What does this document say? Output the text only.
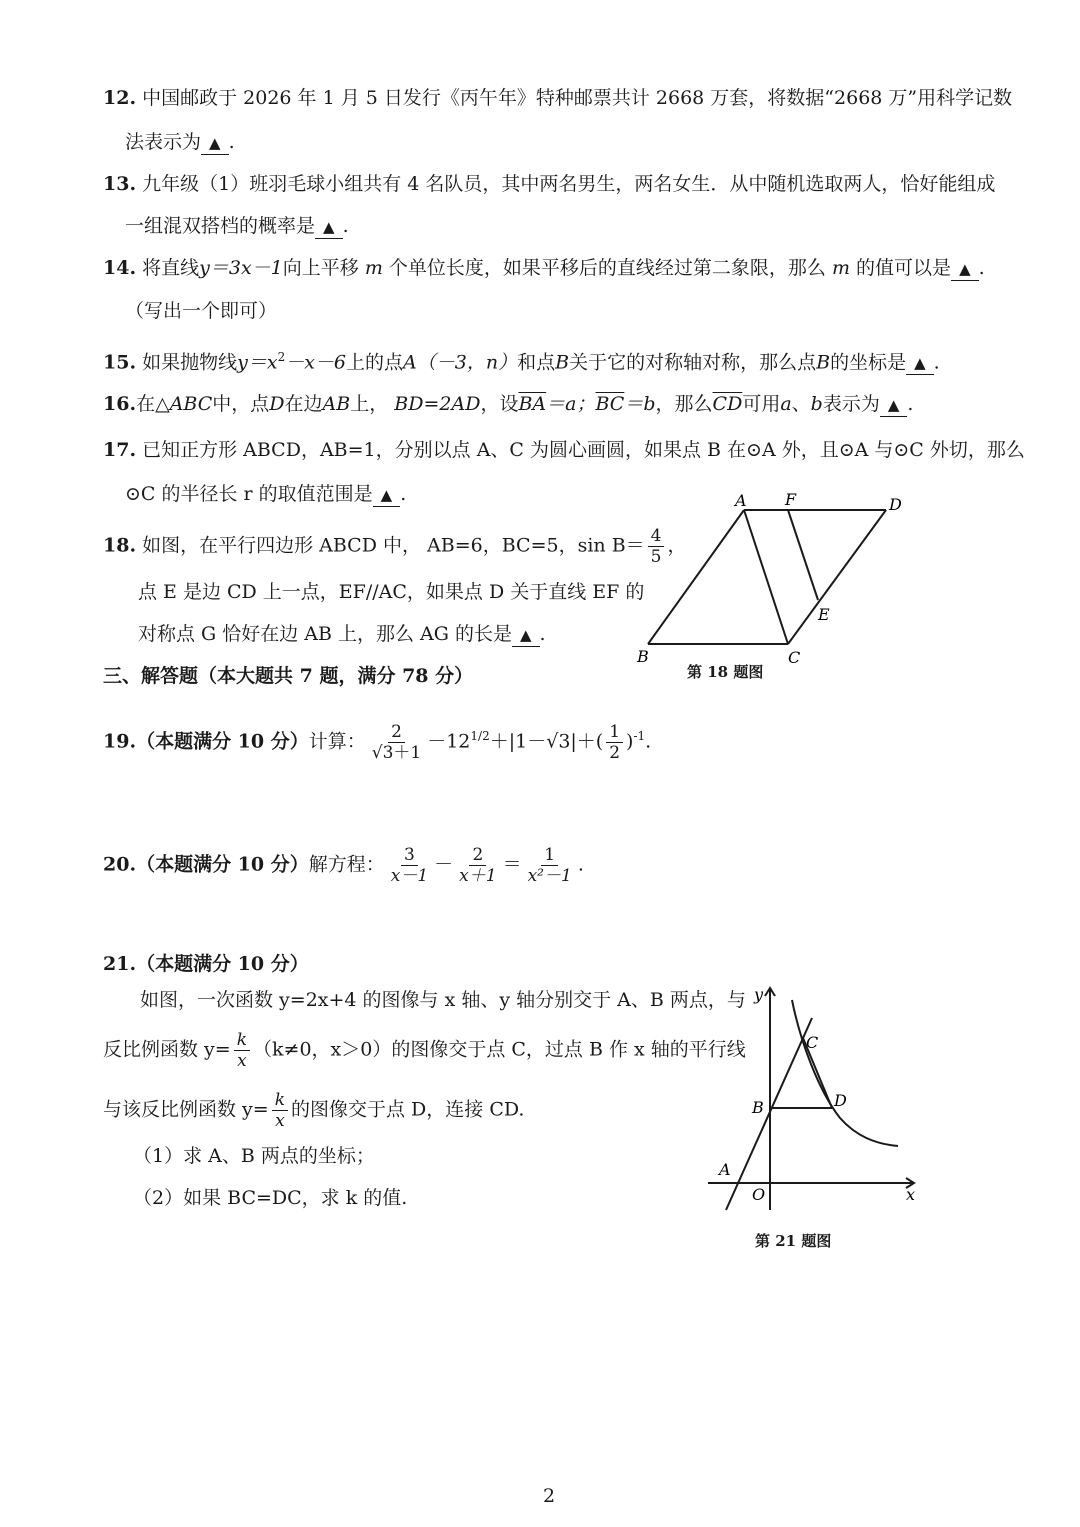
12. 中国邮政于 2026 年 1 月 5 日发行《丙午年》特种邮票共计 2668 万套，将数据“2668 万”用科学记数
法表示为 ▲ .
13. 九年级（1）班羽毛球小组共有 4 名队员，其中两名男生，两名女生．从中随机选取两人，恰好能组成
一组混双搭档的概率是 ▲ .
14. 将直线y＝3x－1向上平移 m 个单位长度，如果平移后的直线经过第二象限，那么 m 的值可以是 ▲ .
（写出一个即可）
15. 如果抛物线$y=x^2-x-6$上的点A（－3，n）和点B关于它的对称轴对称，那么点B的坐标是 ▲ .
16.在△ABC中，点D在边AB上， BD=2AD，设$\overline{BA}=a$；$\overline{BC}=b$，那么$\overline{CD}$可用a、b表示为 ▲ .
17. 已知正方形 ABCD，AB=1，分别以点 A、C 为圆心画圆，如果点 B 在⊙A 外，且⊙A 与⊙C 外切，那么
⊙C 的半径长 r 的取值范围是 ▲ .
18. 如图，在平行四边形 ABCD 中， AB=6，BC=5，$\sin B= \frac{4}{5}$ ，
点 E 是边 CD 上一点，EF//AC，如果点 D 关于直线 EF 的
对称点 G 恰好在边 AB 上，那么 AG 的长是 ▲ .
A F	D
E
B	C
第 18 题图
三、解答题（本大题共 7 题，满分 78 分）
19.（本题满分 10 分）计算： $\frac{2}{√3+1} -12^{1/2}+|1-√3|+( \frac{1}{2} )^{-1}$.
20.（本题满分 10 分）解方程： $\frac{3}{x-1} - \frac{2}{x+1} = \frac{1}{\text{x²－1}}$ .
21.（本题满分 10 分）
如图，一次函数 y=2x+4 的图像与 x 轴、y 轴分别交于 A、B 两点，与
反比例函数 $y= \frac{k}{x} (k\ne 0$，x＞0）的图像交于点 C，过点 B 作 x 轴的平行线
与该反比例函数 $y= \frac{k}{x}$ 的图像交于点 D，连接 CD.
（1）求 A、B 两点的坐标；
（2）如果 BC=DC，求 k 的值.
y
x
O
A
B
C
D
第 21 题图
2
